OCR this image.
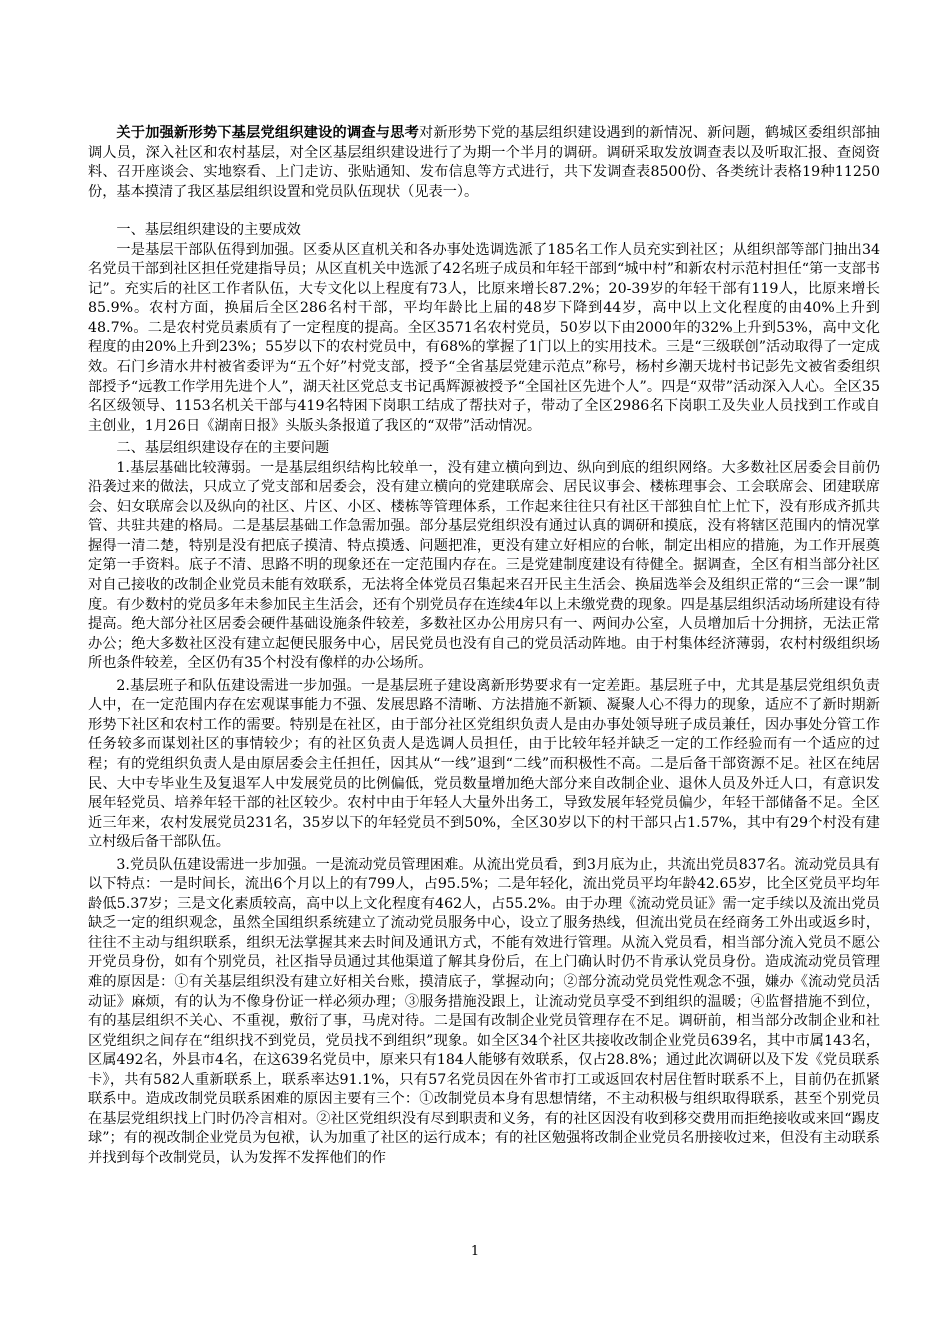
关于加强新形势下基层党组织建设的调查与思考对新形势下党的基层组织建设遇到的新情况、新问题，鹤城区委组织部抽调人员，深入社区和农村基层，对全区基层组织建设进行了为期一个半月的调研。调研采取发放调查表以及听取汇报、查阅资料、召开座谈会、实地察看、上门走访、张贴通知、发布信息等方式进行，共下发调查表8500份、各类统计表格19种11250份，基本摸清了我区基层组织设置和党员队伍现状（见表一）。

一、基层组织建设的主要成效

一是基层干部队伍得到加强。区委从区直机关和各办事处选调选派了185名工作人员充实到社区；从组织部等部门抽出34名党员干部到社区担任党建指导员；从区直机关中选派了42名班子成员和年轻干部到“城中村”和新农村示范村担任“第一支部书记”。充实后的社区工作者队伍，大专文化以上程度有73人，比原来增长87.2%；20-39岁的年轻干部有119人，比原来增长85.9%。农村方面，换届后全区286名村干部，平均年龄比上届的48岁下降到44岁，高中以上文化程度的由40%上升到48.7%。二是农村党员素质有了一定程度的提高。全区3571名农村党员，50岁以下由2000年的32%上升到53%，高中文化程度的由20%上升到23%；55岁以下的农村党员中，有68%的掌握了1门以上的实用技术。三是“三级联创”活动取得了一定成效。石门乡清水井村被省委评为“五个好”村党支部，授予“全省基层党建示范点”称号，杨村乡潮天垅村书记彭先文被省委组织部授予“远教工作学用先进个人”，湖天社区党总支书记禹辉源被授予“全国社区先进个人”。四是“双带”活动深入人心。全区35名区级领导、1153名机关干部与419名特困下岗职工结成了帮扶对子，带动了全区2986名下岗职工及失业人员找到工作或自主创业，1月26日《湖南日报》头版头条报道了我区的“双带”活动情况。

二、基层组织建设存在的主要问题

1.基层基础比较薄弱。一是基层组织结构比较单一，没有建立横向到边、纵向到底的组织网络。大多数社区居委会目前仍沿袭过来的做法，只成立了党支部和居委会，没有建立横向的党建联席会、居民议事会、楼栋理事会、工会联席会、团建联席会、妇女联席会以及纵向的社区、片区、小区、楼栋等管理体系，工作起来往往只有社区干部独自忙上忙下，没有形成齐抓共管、共驻共建的格局。二是基层基础工作急需加强。部分基层党组织没有通过认真的调研和摸底，没有将辖区范围内的情况掌握得一清二楚，特别是没有把底子摸清、特点摸透、问题把准，更没有建立好相应的台帐，制定出相应的措施，为工作开展奠定第一手资料。底子不清、思路不明的现象还在一定范围内存在。三是党建制度建设有待健全。据调查，全区有相当部分社区对自己接收的改制企业党员未能有效联系，无法将全体党员召集起来召开民主生活会、换届选举会及组织正常的“三会一课”制度。有少数村的党员多年未参加民主生活会，还有个别党员存在连续4年以上未缴党费的现象。四是基层组织活动场所建设有待提高。绝大部分社区居委会硬件基础设施条件较差，多数社区办公用房只有一、两间办公室，人员增加后十分拥挤，无法正常办公；绝大多数社区没有建立起便民服务中心，居民党员也没有自己的党员活动阵地。由于村集体经济薄弱，农村村级组织场所也条件较差，全区仍有35个村没有像样的办公场所。

2.基层班子和队伍建设需进一步加强。一是基层班子建设离新形势要求有一定差距。基层班子中，尤其是基层党组织负责人中，在一定范围内存在宏观谋事能力不强、发展思路不清晰、方法措施不新颖、凝聚人心不得力的现象，适应不了新时期新形势下社区和农村工作的需要。特别是在社区，由于部分社区党组织负责人是由办事处领导班子成员兼任，因办事处分管工作任务较多而谋划社区的事情较少；有的社区负责人是选调人员担任，由于比较年轻并缺乏一定的工作经验而有一个适应的过程；有的党组织负责人是由原居委会主任担任，因其从“一线”退到“二线”而积极性不高。二是后备干部资源不足。社区在纯居民、大中专毕业生及复退军人中发展党员的比例偏低，党员数量增加绝大部分来自改制企业、退休人员及外迁人口，有意识发展年轻党员、培养年轻干部的社区较少。农村中由于年轻人大量外出务工，导致发展年轻党员偏少，年轻干部储备不足。全区近三年来，农村发展党员231名，35岁以下的年轻党员不到50%，全区30岁以下的村干部只占1.57%，其中有29个村没有建立村级后备干部队伍。

3.党员队伍建设需进一步加强。一是流动党员管理困难。从流出党员看，到3月底为止，共流出党员837名。流动党员具有以下特点：一是时间长，流出6个月以上的有799人，占95.5%；二是年轻化，流出党员平均年龄42.65岁，比全区党员平均年龄低5.37岁；三是文化素质较高，高中以上文化程度有462人，占55.2%。由于办理《流动党员证》需一定手续以及流出党员缺乏一定的组织观念，虽然全国组织系统建立了流动党员服务中心，设立了服务热线，但流出党员在经商务工外出或返乡时，往往不主动与组织联系，组织无法掌握其来去时间及通讯方式，不能有效进行管理。从流入党员看，相当部分流入党员不愿公开党员身份，如有个别党员，社区指导员通过其他渠道了解其身份后，在上门确认时仍不肯承认党员身份。造成流动党员管理难的原因是：①有关基层组织没有建立好相关台账，摸清底子，掌握动向；②部分流动党员党性观念不强，嫌办《流动党员活动证》麻烦，有的认为不像身份证一样必须办理；③服务措施没跟上，让流动党员享受不到组织的温暖；④监督措施不到位，有的基层组织不关心、不重视，敷衍了事，马虎对待。二是国有改制企业党员管理存在不足。调研前，相当部分改制企业和社区党组织之间存在“组织找不到党员，党员找不到组织”现象。如全区34个社区共接收改制企业党员639名，其中市属143名，区属492名，外县市4名，在这639名党员中，原来只有184人能够有效联系，仅占28.8%；通过此次调研以及下发《党员联系卡》，共有582人重新联系上，联系率达91.1%，只有57名党员因在外省市打工或返回农村居住暂时联系不上，目前仍在抓紧联系中。造成改制党员联系困难的原因主要有三个：①改制党员本身有思想情绪，不主动积极与组织取得联系，甚至个别党员在基层党组织找上门时仍冷言相对。②社区党组织没有尽到职责和义务，有的社区因没有收到移交费用而拒绝接收或来回“踢皮球”；有的视改制企业党员为包袱，认为加重了社区的运行成本；有的社区勉强将改制企业党员名册接收过来，但没有主动联系并找到每个改制党员，认为发挥不发挥他们的作

1
